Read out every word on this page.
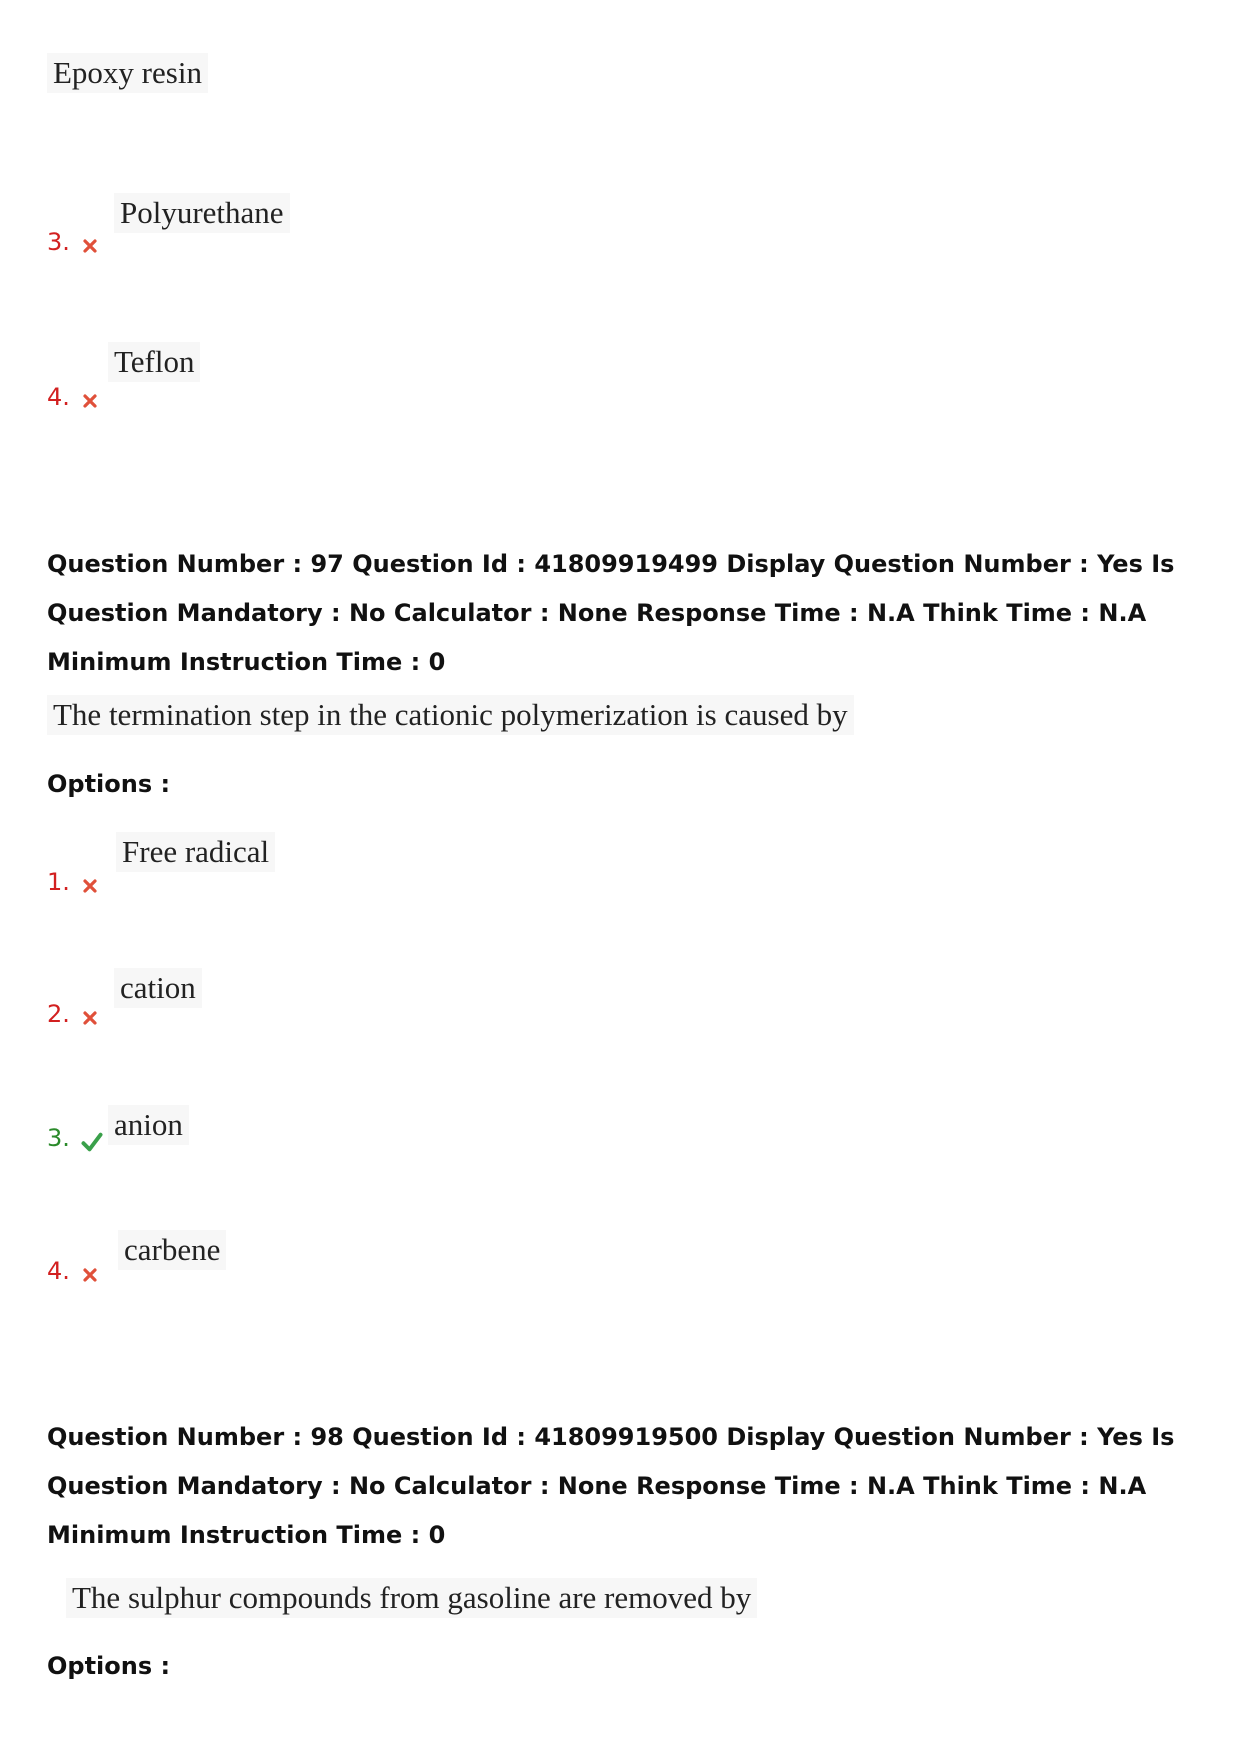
Epoxy resin
3.
Polyurethane
4.
Teflon
Question Number : 97 Question Id : 41809919499 Display Question Number : Yes Is Question Mandatory : No Calculator : None Response Time : N.A Think Time : N.A Minimum Instruction Time : 0
The termination step in the cationic polymerization is caused by
Options :
1.
Free radical
2.
cation
3.	anion
4.
carbene
Question Number : 98 Question Id : 41809919500 Display Question Number : Yes Is Question Mandatory : No Calculator : None Response Time : N.A Think Time : N.A Minimum Instruction Time : 0
The sulphur compounds from gasoline are removed by
Options :
